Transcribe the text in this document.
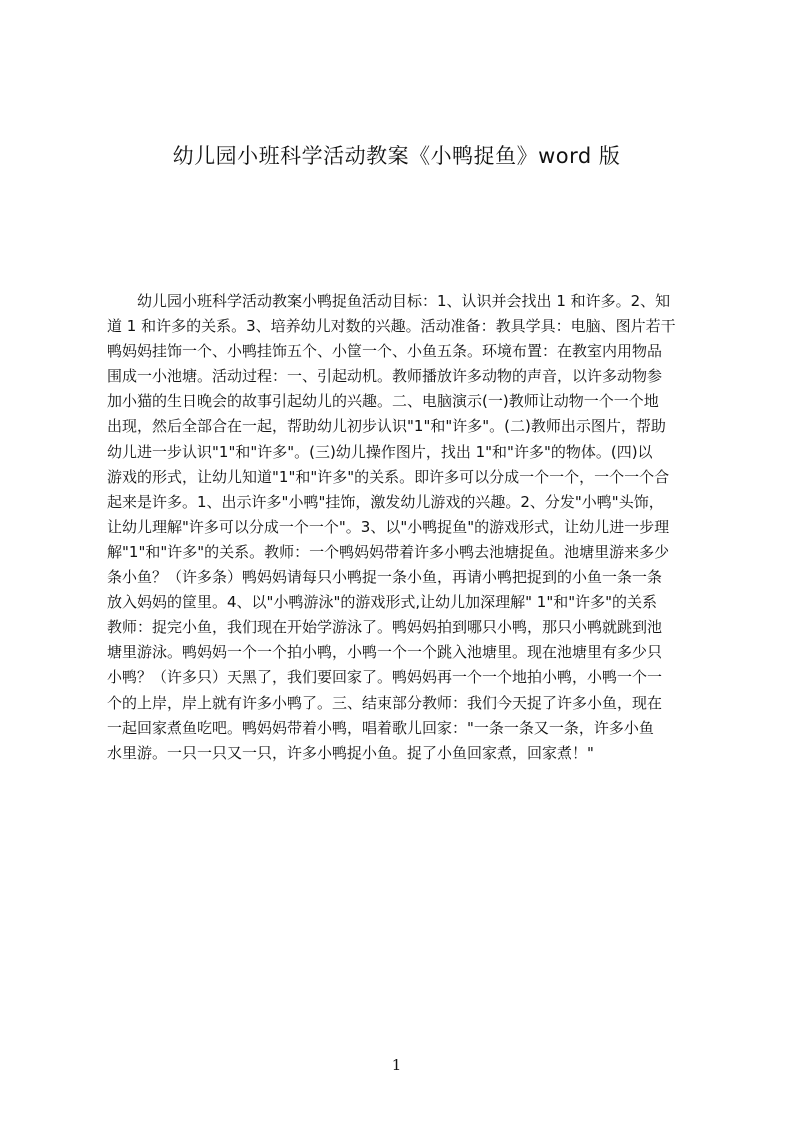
幼儿园小班科学活动教案《小鸭捉鱼》word 版
幼儿园小班科学活动教案小鸭捉鱼活动目标：1、认识并会找出 1 和许多。2、知
道 1 和许多的关系。3、培养幼儿对数的兴趣。活动准备：教具学具：电脑、图片若干
鸭妈妈挂饰一个、小鸭挂饰五个、小筐一个、小鱼五条。环境布置：在教室内用物品
围成一小池塘。活动过程：一、引起动机。教师播放许多动物的声音，以许多动物参
加小猫的生日晚会的故事引起幼儿的兴趣。二、电脑演示(一)教师让动物一个一个地
出现，然后全部合在一起，帮助幼儿初步认识"1"和"许多"。(二)教师出示图片，帮助
幼儿进一步认识"1"和"许多"。(三)幼儿操作图片，找出 1"和"许多"的物体。(四)以
游戏的形式，让幼儿知道"1"和"许多"的关系。即许多可以分成一个一个，一个一个合
起来是许多。1、出示许多"小鸭"挂饰，激发幼儿游戏的兴趣。2、分发"小鸭"头饰，
让幼儿理解"许多可以分成一个一个"。3、以"小鸭捉鱼"的游戏形式，让幼儿进一步理
解"1"和"许多"的关系。教师：一个鸭妈妈带着许多小鸭去池塘捉鱼。池塘里游来多少
条小鱼？（许多条）鸭妈妈请每只小鸭捉一条小鱼，再请小鸭把捉到的小鱼一条一条
放入妈妈的筐里。4、以"小鸭游泳"的游戏形式,让幼儿加深理解" 1"和"许多"的关系
教师：捉完小鱼，我们现在开始学游泳了。鸭妈妈拍到哪只小鸭，那只小鸭就跳到池
塘里游泳。鸭妈妈一个一个拍小鸭，小鸭一个一个跳入池塘里。现在池塘里有多少只
小鸭？（许多只）天黑了，我们要回家了。鸭妈妈再一个一个地拍小鸭，小鸭一个一
个的上岸，岸上就有许多小鸭了。三、结束部分教师：我们今天捉了许多小鱼，现在
一起回家煮鱼吃吧。鸭妈妈带着小鸭，唱着歌儿回家："一条一条又一条，许多小鱼
水里游。一只一只又一只，许多小鸭捉小鱼。捉了小鱼回家煮，回家煮！"
1
